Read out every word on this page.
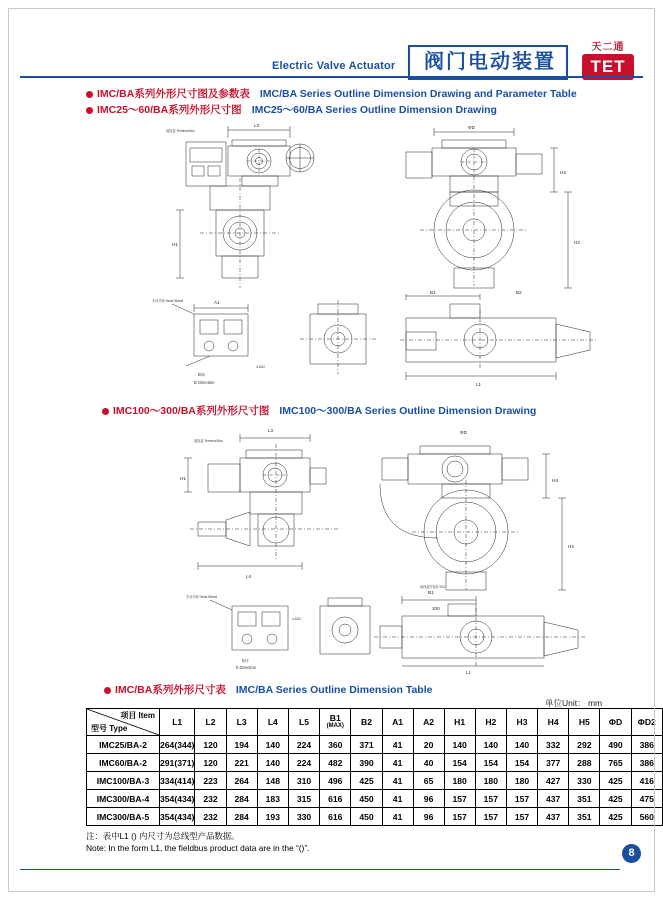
Electric Valve Actuator	阀门电动装置
天二通
TET
IMC/BA系列外形尺寸图及参数表 IMC/BA Series Outline Dimension Drawing and Parameter Table
IMC25～60/BA系列外形尺寸图 IMC25～60/BA Series Outline Dimension Drawing
IMC100～300/BA系列外形尺寸图 IMC100～300/BA Series Outline Dimension Drawing
IMC/BA系列外形尺寸表 IMC/BA Series Outline Dimension Table
L3	ΦD
H1
H3
H2
B1	B2
L1
A1
B向
B Direction
手动手轮 Hand Wheel
4-M12
接线盒 Terminal Box
L3	ΦD
H1	H3
H2
L4
B1
L1
100
b向
b Direction
手动手轮 Hand Wheel
4-M12
接线盒 Terminal Box
接线盒安装孔Φ10
单位Unit： mm
项目 Item
型号 Type
	L1	L2	L3	L4	L5	B1
(MAX)	B2	A1	A2	H1	H2	H3	H4	H5	ΦD	ΦD2
IMC25/BA-2	264(344)	120	194	140	224	360	371	41	20	140	140	140	332	292	490	386
IMC60/BA-2	291(371)	120	221	140	224	482	390	41	40	154	154	154	377	288	765	386
IMC100/BA-3	334(414)	223	264	148	310	496	425	41	65	180	180	180	427	330	425	416
IMC300/BA-4	354(434)	232	284	183	315	616	450	41	96	157	157	157	437	351	425	475
IMC300/BA-5	354(434)	232	284	193	330	616	450	41	96	157	157	157	437	351	425	560
注：表中L1 () 内尺寸为总线型产品数据。
Note: In the form L1, the fieldbus product data are in the “()”.	8
